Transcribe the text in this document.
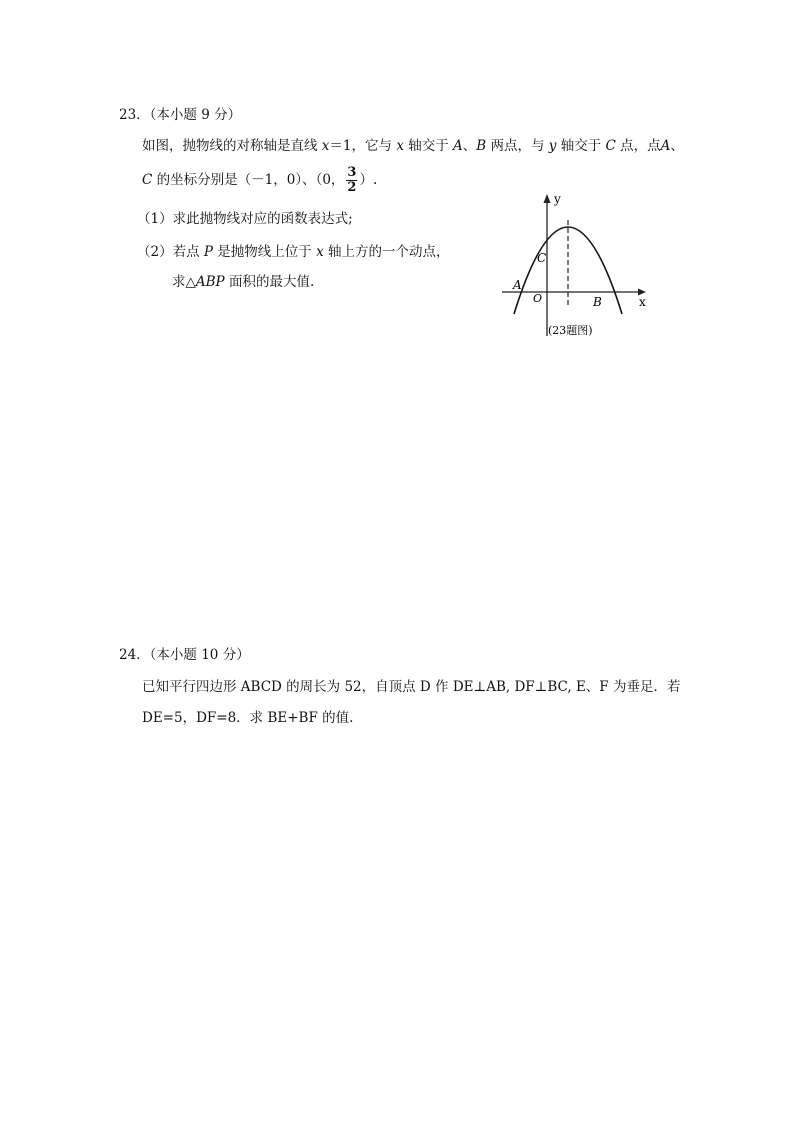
23．（本小题 9 分）
如图，抛物线的对称轴是直线 x＝1，它与 x 轴交于 A、B 两点，与 y 轴交于 C 点，点A、
C 的坐标分别是（－1，0）、（0， $\frac{3}{2}$ ）.
（1）求此抛物线对应的函数表达式;
（2）若点 P 是抛物线上位于 x 轴上方的一个动点，
求△ABP 面积的最大值.
y
x
A
B
C
O
(23题图)
24．（本小题 10 分）
已知平行四边形 ABCD 的周长为 52，自顶点 D 作 DE⊥AB, DF⊥BC, E、F 为垂足．若
DE=5，DF=8．求 BE+BF 的值.
